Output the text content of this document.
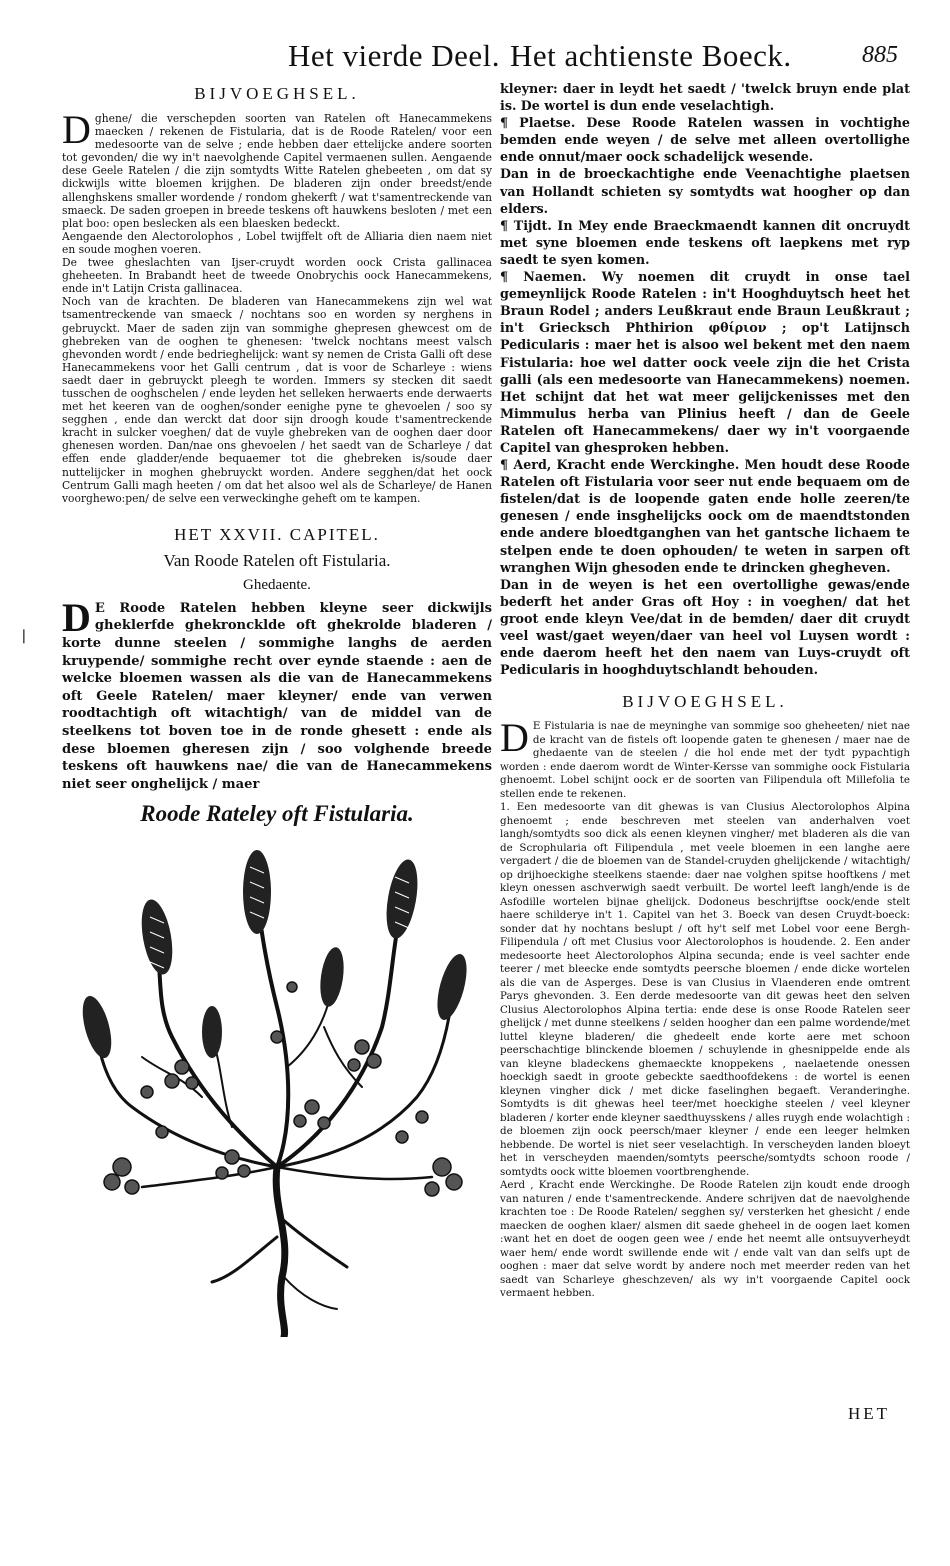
Het vierde Deel. Het achtienste Boeck.	885
BIJVOEGHSEL.

Dghene/ die verschepden soorten van Ratelen oft Hanecammekens maecken / rekenen de Fistularia, dat is de Roode Ratelen/ voor een medesoorte van de selve ; ende hebben daer ettelijcke andere soorten tot gevonden/ die wy in't naevolghende Capitel vermaenen sullen. Aengaende dese Geele Ratelen / die zijn somtydts Witte Ratelen ghebeeten , om dat sy dickwijls witte bloemen krijghen. De bladeren zijn onder breedst/ende allenghskens smaller wordende / rondom ghekerft / wat t'samentreckende van smaeck. De saden groepen in breede teskens oft hauwkens besloten / met een plat boo: open beslecken als een blaesken bedeckt.

Aengaende den Alectorolophos , Lobel twijffelt oft de Alliaria dien naem niet en soude moghen voeren.

De twee gheslachten van Ijser-cruydt worden oock Crista gallinacea gheheeten. In Brabandt heet de tweede Onobrychis oock Hanecammekens, ende in't Latijn Crista gallinacea.

Noch van de krachten. De bladeren van Hanecammekens zijn wel wat tsamentreckende van smaeck / nochtans soo en worden sy nerghens in gebruyckt. Maer de saden zijn van sommighe ghepresen ghewcest om de ghebreken van de ooghen te ghenesen: 'twelck nochtans meest valsch ghevonden wordt / ende bedrieghelijck: want sy nemen de Crista Galli oft dese Hanecammekens voor het Galli centrum , dat is voor de Scharleye : wiens saedt daer in gebruyckt pleegh te worden. Immers sy stecken dit saedt tusschen de ooghschelen / ende leyden het selleken herwaerts ende derwaerts met het keeren van de ooghen/sonder eenighe pyne te ghevoelen / soo sy segghen , ende dan werckt dat door sijn droogh koude t'samentreckende kracht in sulcker voeghen/ dat de vuyle ghebreken van de ooghen daer door ghenesen worden. Dan/nae ons ghevoelen / het saedt van de Scharleye / dat effen ende gladder/ende bequaemer tot die ghebreken is/soude daer nuttelijcker in moghen ghebruyckt worden. Andere segghen/dat het oock Centrum Galli magh heeten / om dat het alsoo wel als de Scharleye/ de Hanen voorghewo:pen/ de selve een verweckinghe geheft om te kampen.

HET XXVII. CAPITEL.
Van Roode Ratelen oft Fistularia.
Ghedaente.

D E Roode Ratelen hebben kleyne seer dickwijls gheklerfde ghekroncklde oft ghekrolde bladeren / korte dunne steelen / sommighe langhs de aerden kruypende/ sommighe recht over eynde staende : aen de welcke bloemen wassen als die van de Hanecammekens oft Geele Ratelen/ maer kleyner/ ende van verwen roodtachtigh oft witachtigh/ van de middel van de steelkens tot boven toe in de ronde ghesett : ende als dese bloemen gheresen zijn / soo volghende breede teskens oft hauwkens nae/ die van de Hanecammekens niet seer onghelijck / maer

Roode Rateley oft Fistularia.
❘

kleyner: daer in leydt het saedt / 'twelck bruyn ende plat is. De wortel is dun ende veselachtigh.

¶ Plaetse. Dese Roode Ratelen wassen in vochtighe bemden ende weyen / de selve met alleen overtollighe ende onnut/maer oock schadelijck wesende.

Dan in de broeckachtighe ende Veenachtighe plaetsen van Hollandt schieten sy somtydts wat hoogher op dan elders.

¶ Tijdt. In Mey ende Braeckmaendt kannen dit oncruydt met syne bloemen ende teskens oft laepkens met ryp saedt te syen komen.

¶ Naemen. Wy noemen dit cruydt in onse tael gemeynlijck Roode Ratelen : in't Hooghduytsch heet het Braun Rodel ; anders Leußkraut ende Braun Leußkraut ; in't Griecksch Phthirion φθίριον ; op't Latijnsch Pedicularis : maer het is alsoo wel bekent met den naem Fistularia: hoe wel datter oock veele zijn die het Crista galli (als een medesoorte van Hanecammekens) noemen. Het schijnt dat het wat meer gelijckenisses met den Mimmulus herba van Plinius heeft / dan de Geele Ratelen oft Hanecammekens/ daer wy in't voorgaende Capitel van ghesproken hebben.

¶ Aerd, Kracht ende Werckinghe. Men houdt dese Roode Ratelen oft Fistularia voor seer nut ende bequaem om de fistelen/dat is de loopende gaten ende holle zeeren/te genesen / ende insghelijcks oock om de maendtstonden ende andere bloedtganghen van het gantsche lichaem te stelpen ende te doen ophouden/ te weten in sarpen oft wranghen Wijn ghesoden ende te drincken ghegheven.

Dan in de weyen is het een overtollighe gewas/ende bederft het ander Gras oft Hoy : in voeghen/ dat het groot ende kleyn Vee/dat in de bemden/ daer dit cruydt veel wast/gaet weyen/daer van heel vol Luysen wordt : ende daerom heeft het den naem van Luys-cruydt oft Pedicularis in hooghduytschlandt behouden.

BIJVOEGHSEL.

D E Fistularia is nae de meyninghe van sommige soo gheheeten/ niet nae de kracht van de fistels oft loopende gaten te ghenesen / maer nae de ghedaente van de steelen / die hol ende met der tydt pypachtigh worden : ende daerom wordt de Winter-Kersse van sommighe oock Fistularia ghenoemt. Lobel schijnt oock er de soorten van Filipendula oft Millefolia te stellen ende te rekenen.

1. Een medesoorte van dit ghewas is van Clusius Alectorolophos Alpina ghenoemt ; ende beschreven met steelen van anderhalven voet langh/somtydts soo dick als eenen kleynen vingher/ met bladeren als die van de Scrophularia oft Filipendula , met veele bloemen in een langhe aere vergadert / die de bloemen van de Standel-cruyden ghelijckende / witachtigh/ op drijhoeckighe steelkens staende: daer nae volghen spitse hooftkens / met kleyn onessen aschverwigh saedt verbuilt. De wortel leeft langh/ende is de Asfodille wortelen bijnae ghelijck. Dodoneus beschrijftse oock/ende stelt haere schilderye in't 1. Capitel van het 3. Boeck van desen Cruydt-boeck: sonder dat hy nochtans beslupt / oft hy't self met Lobel voor eene Bergh-Filipendula / oft met Clusius voor Alectorolophos is houdende. 2. Een ander medesoorte heet Alectorolophos Alpina secunda; ende is veel sachter ende teerer / met bleecke ende somtydts peersche bloemen / ende dicke wortelen als die van de Asperges. Dese is van Clusius in Vlaenderen ende omtrent Parys ghevonden. 3. Een derde medesoorte van dit gewas heet den selven Clusius Alectorolophos Alpina tertia: ende dese is onse Roode Ratelen seer ghelijck / met dunne steelkens / selden hoogher dan een palme wordende/met luttel kleyne bladeren/ die ghedeelt ende korte aere met schoon peerschachtige blinckende bloemen / schuylende in ghesnippelde ende als van kleyne bladeckens ghemaeckte knoppekens , naelaetende onessen hoeckigh saedt in groote gebeckte saedthoofdekens : de wortel is eenen kleynen vingher dick / met dicke faselinghen begaeft. Veranderinghe. Somtydts is dit ghewas heel teer/met hoeckighe steelen / veel kleyner bladeren / korter ende kleyner saedthuysskens / alles ruygh ende wolachtigh : de bloemen zijn oock peersch/maer kleyner / ende een leeger helmken hebbende. De wortel is niet seer veselachtigh. In verscheyden landen bloeyt het in verscheyden maenden/somtyts peersche/somtydts schoon roode / somtydts oock witte bloemen voortbrenghende.

Aerd , Kracht ende Werckinghe. De Roode Ratelen zijn koudt ende droogh van naturen / ende t'samentreckende. Andere schrijven dat de naevolghende krachten toe : De Roode Ratelen/ segghen sy/ versterken het ghesicht / ende maecken de ooghen klaer/ alsmen dit saede gheheel in de oogen laet komen :want het en doet de oogen geen wee / ende het neemt alle ontsuyverheydt waer hem/ ende wordt swillende ende wit / ende valt van dan selfs upt de ooghen : maer dat selve wordt by andere noch met meerder reden van het saedt van Scharleye gheschzeven/ als wy in't voorgaende Capitel oock vermaent hebben.

HET
